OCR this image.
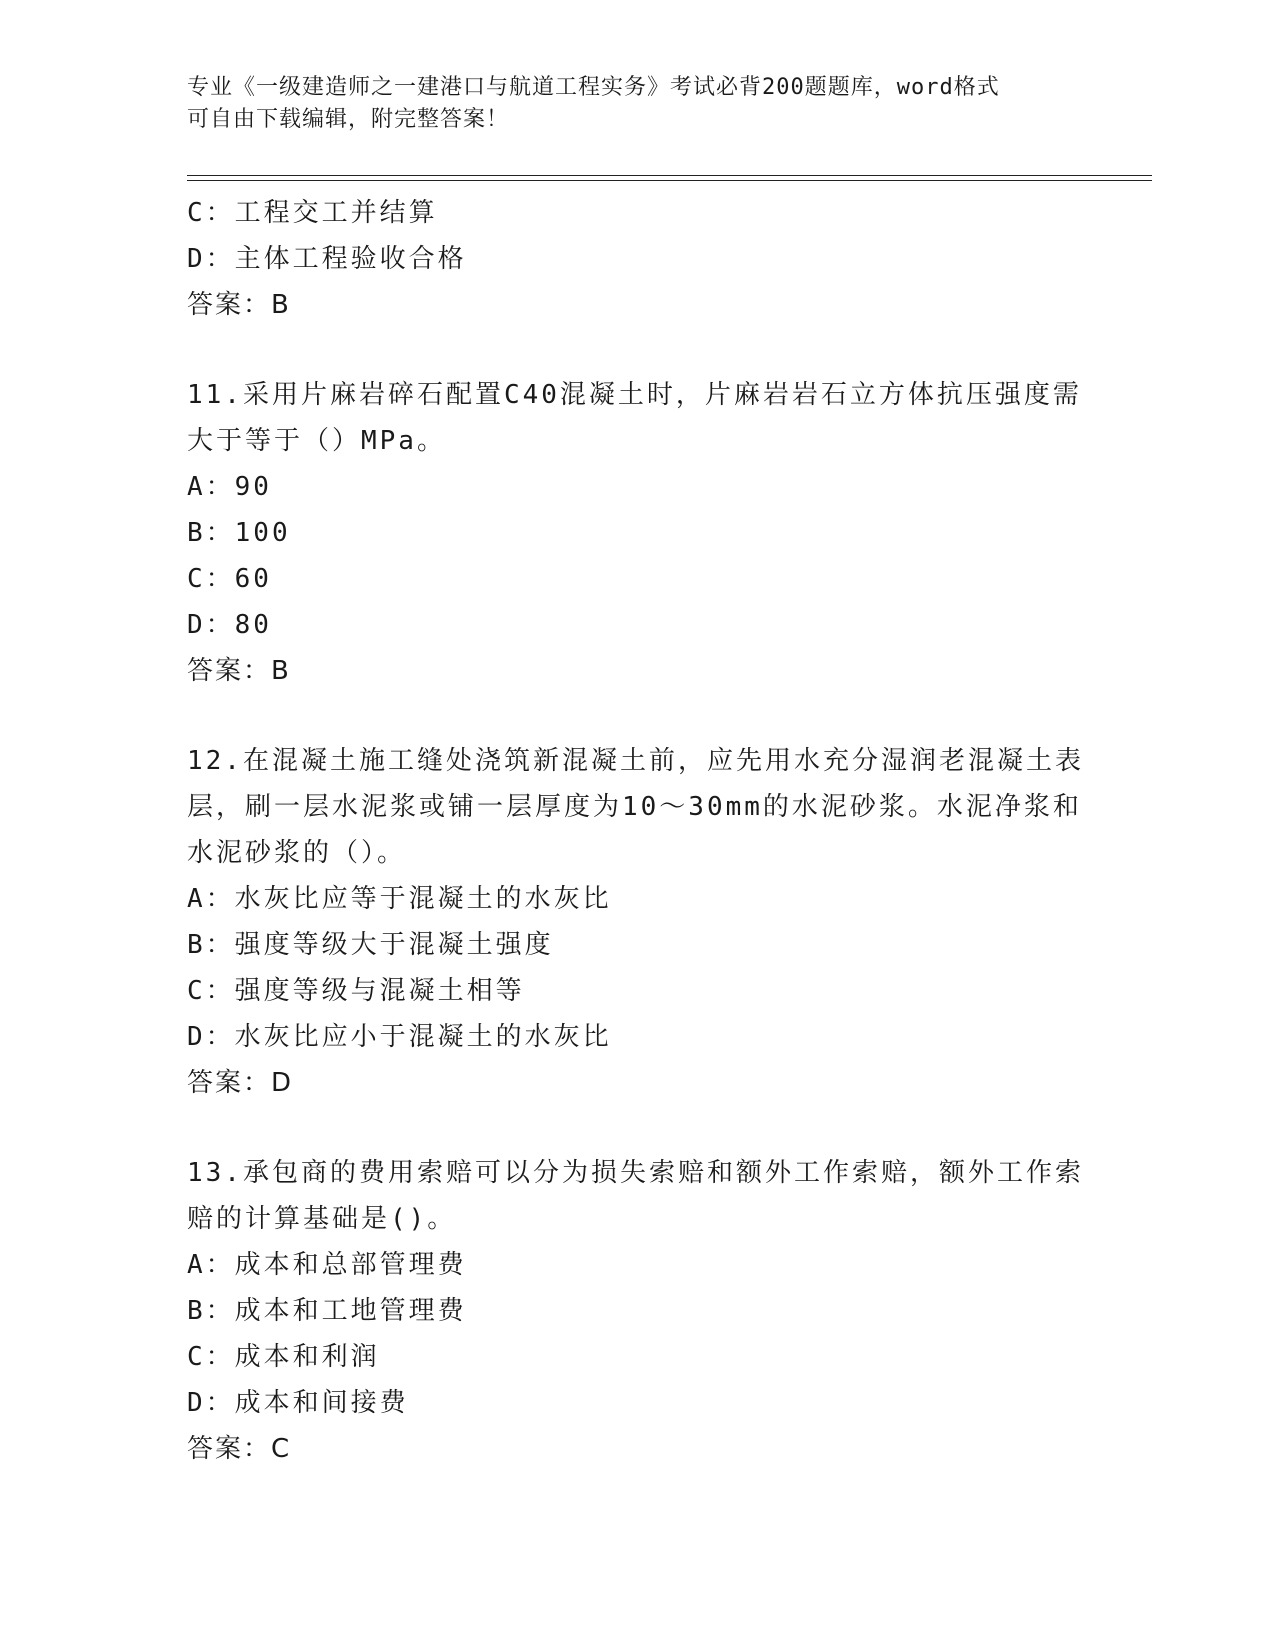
专业《一级建造师之一建港口与航道工程实务》考试必背200题题库，word格式
可自由下载编辑，附完整答案！
C：工程交工并结算
D：主体工程验收合格
答案：B
11.采用片麻岩碎石配置C40混凝土时，片麻岩岩石立方体抗压强度需
大于等于（）MPa。
A：90
B：100
C：60
D：80
答案：B
12.在混凝土施工缝处浇筑新混凝土前，应先用水充分湿润老混凝土表
层，刷一层水泥浆或铺一层厚度为10～30mm的水泥砂浆。水泥净浆和
水泥砂浆的（）。
A：水灰比应等于混凝土的水灰比
B：强度等级大于混凝土强度
C：强度等级与混凝土相等
D：水灰比应小于混凝土的水灰比
答案：D
13.承包商的费用索赔可以分为损失索赔和额外工作索赔，额外工作索
赔的计算基础是()。
A：成本和总部管理费
B：成本和工地管理费
C：成本和利润
D：成本和间接费
答案：C
